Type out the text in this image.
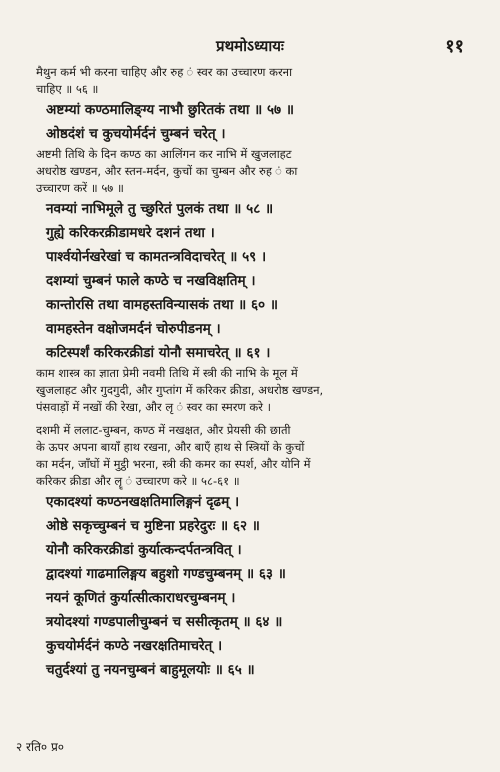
प्रथमोऽध्यायः	११
मैथुन कर्म भी करना चाहिए और रुह ं स्वर का उच्चारण करना
चाहिए ॥ ५६ ॥
अष्टम्यां कण्ठमालिङ्ग्य नाभौ छुरितकं तथा ॥ ५७ ॥
ओष्ठदंशं च कुचयोर्मर्दनं चुम्बनं चरेत् ।
अष्टमी तिथि के दिन कण्ठ का आलिंगन कर नाभि में खुजलाहट
अधरोष्ठ खण्डन, और स्तन-मर्दन, कुचों का चुम्बन और रुह ं का
उच्चारण करें ॥ ५७ ॥
नवम्यां नाभिमूले तु च्छुरितं पुलकं तथा ॥ ५८ ॥
गुह्ये करिकरक्रीडामधरे दशनं तथा ।
पार्श्वयोर्नखरेखां च कामतन्त्रविदाचरेत् ॥ ५९ ।
दशम्यां चुम्बनं फाले कण्ठे च नखविक्षतिम् ।
कान्तोरसि तथा वामहस्तविन्यासकं तथा ॥ ६० ॥
वामहस्तेन वक्षोजमर्दनं चोरुपीडनम् ।
कटिस्पर्शं करिकरक्रीडां योनौ समाचरेत् ॥ ६१ ।
काम शास्त्र का ज्ञाता प्रेमी नवमी तिथि में स्त्री की नाभि के मूल में
खुजलाहट और गुदगुदी, और गुप्तांग में करिकर क्रीडा, अधरोष्ठ खण्डन,
पंसवाड़ों में नखों की रेखा, और लृ ं स्वर का स्मरण करे ।
दशमी में ललाट-चुम्बन, कण्ठ में नखक्षत, और प्रेयसी की छाती
के ऊपर अपना बायाँ हाथ रखना, और बाएँ हाथ से स्त्रियों के कुचों
का मर्दन, जाँघों में मुट्ठी भरना, स्त्री की कमर का स्पर्श, और योनि में
करिकर क्रीडा और लॄ ं उच्चारण करे ॥ ५८-६१ ॥
एकादश्यां कण्ठनखक्षतिमालिङ्गनं दृढम् ।
ओष्ठे सकृच्चुम्बनं च मुष्टिना प्रहरेदुरः ॥ ६२ ॥
योनौ करिकरक्रीडां कुर्यात्कन्दर्पतन्त्रवित् ।
द्वादश्यां गाढमालिङ्गय बहुशो गण्डचुम्बनम् ॥ ६३ ॥
नयनं कूणितं कुर्यात्सीत्काराधरचुम्बनम् ।
त्रयोदश्यां गण्डपालीचुम्बनं च ससीत्कृतम् ॥ ६४ ॥
कुचयोर्मर्दनं कण्ठे नखरक्षतिमाचरेत् ।
चतुर्दश्यां तु नयनचुम्बनं बाहुमूलयोः ॥ ६५ ॥
२ रति० प्र०
